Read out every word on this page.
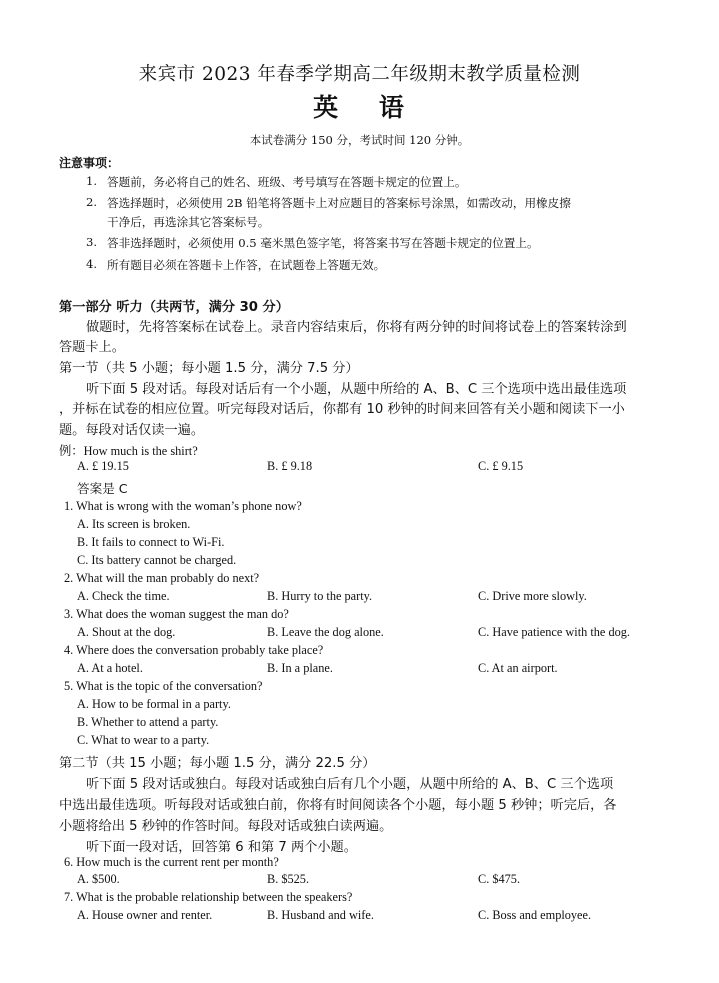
来宾市 2023 年春季学期高二年级期末教学质量检测
英 语
本试卷满分 150 分，考试时间 120 分钟。
注意事项：
1. 答题前，务必将自己的姓名、班级、考号填写在答题卡规定的位置上。
2. 答选择题时，必须使用 2B 铅笔将答题卡上对应题目的答案标号涂黑，如需改动，用橡皮擦
干净后，再选涂其它答案标号。
3. 答非选择题时，必须使用 0.5 毫米黑色签字笔，将答案书写在答题卡规定的位置上。
4. 所有题目必须在答题卡上作答，在试题卷上答题无效。
第一部分 听力（共两节，满分 30 分）
做题时，先将答案标在试卷上。录音内容结束后，你将有两分钟的时间将试卷上的答案转涂到
答题卡上。
第一节（共 5 小题；每小题 1.5 分，满分 7.5 分）
听下面 5 段对话。每段对话后有一个小题，从题中所给的 A、B、C 三个选项中选出最佳选项
，并标在试卷的相应位置。听完每段对话后，你都有 10 秒钟的时间来回答有关小题和阅读下一小
题。每段对话仅读一遍。
例：How much is the shirt?
A. £ 19.15	B. £ 9.18	C. £ 9.15
答案是 C
1. What is wrong with the woman’s phone now?
A. Its screen is broken.
B. It fails to connect to Wi-Fi.
C. Its battery cannot be charged.
2. What will the man probably do next?
A. Check the time.	B. Hurry to the party.	C. Drive more slowly.
3. What does the woman suggest the man do?
A. Shout at the dog.	B. Leave the dog alone.	C. Have patience with the dog.
4. Where does the conversation probably take place?
A. At a hotel.	B. In a plane.	C. At an airport.
5. What is the topic of the conversation?
A. How to be formal in a party.
B. Whether to attend a party.
C. What to wear to a party.
第二节（共 15 小题；每小题 1.5 分，满分 22.5 分）
听下面 5 段对话或独白。每段对话或独白后有几个小题，从题中所给的 A、B、C 三个选项
中选出最佳选项。听每段对话或独白前，你将有时间阅读各个小题，每小题 5 秒钟；听完后，各
小题将给出 5 秒钟的作答时间。每段对话或独白读两遍。
听下面一段对话，回答第 6 和第 7 两个小题。
6. How much is the current rent per month?
A. $500.	B. $525.	C. $475.
7. What is the probable relationship between the speakers?
A. House owner and renter.	B. Husband and wife.	C. Boss and employee.
